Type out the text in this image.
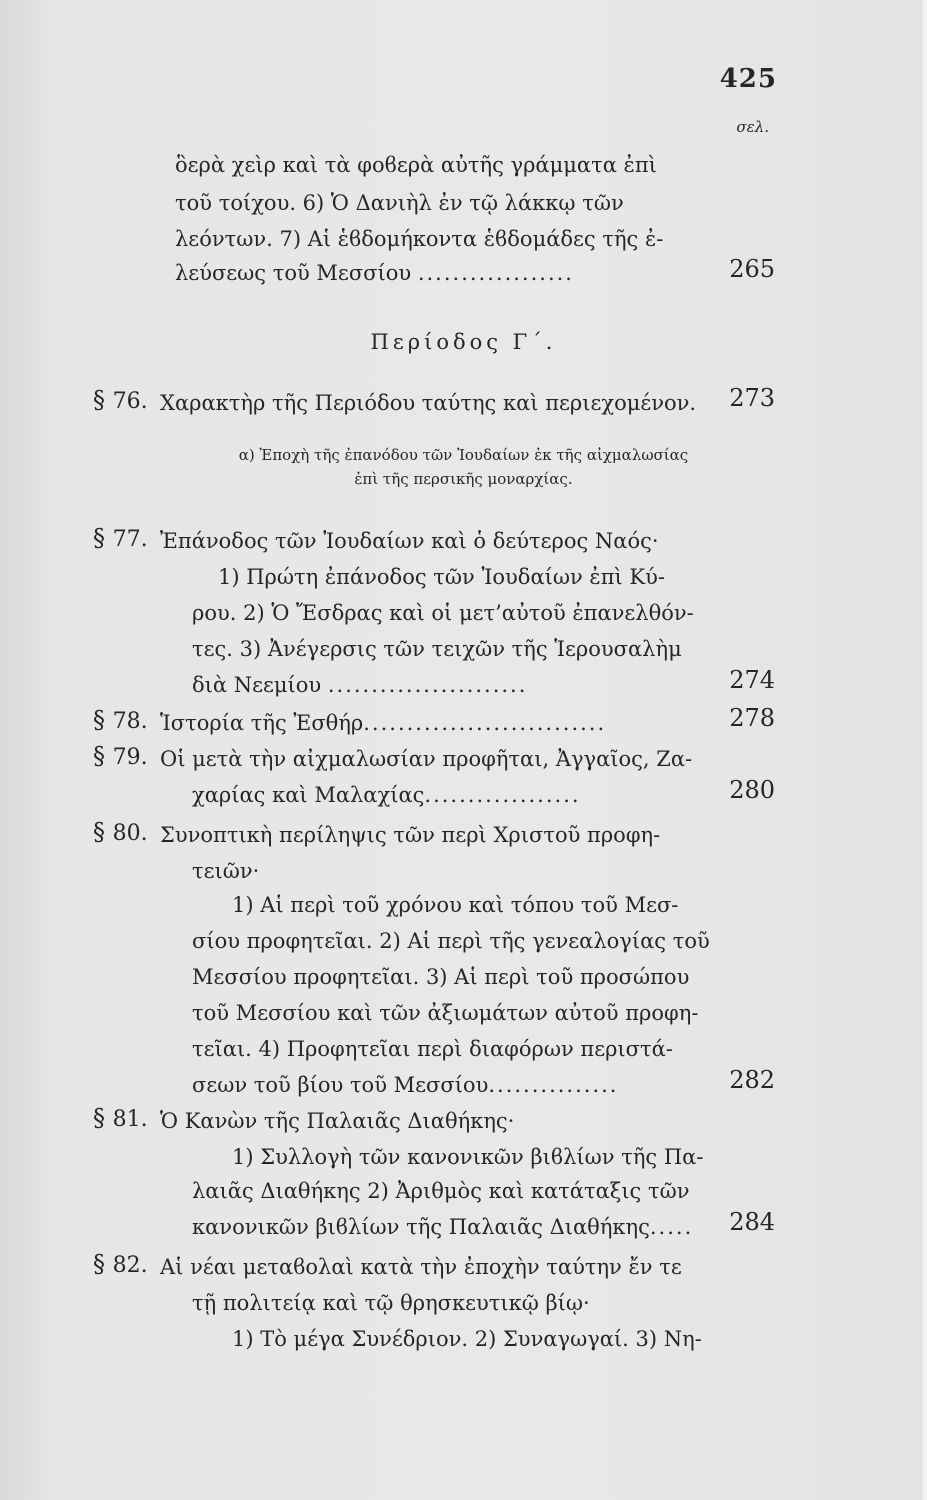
425
σελ.
ὃερὰ χεὶρ καὶ τὰ φοϐερὰ αὐτῆς γράμματα ἐπὶ
τοῦ τοίχου. 6) Ὁ Δανιὴλ ἐν τῷ λάκκῳ τῶν
λεόντων. 7) Αἱ ἑϐδομήκοντα ἑϐδομάδες τῆς ἐ-
λεύσεως τοῦ Μεσσίου ..................	265
Περίοδος Γ΄.
§ 76. Χαρακτὴρ τῆς Περιόδου ταύτης καὶ περιεχομένον. 273
α) Ἐποχὴ τῆς ἐπανόδου τῶν Ἰουδαίων ἐκ τῆς αἰχμαλωσίας
ἐπὶ τῆς περσικῆς μοναρχίας.
§ 77. Ἐπάνοδος τῶν Ἰουδαίων καὶ ὁ δεύτερος Ναός·
1) Πρώτη ἐπάνοδος τῶν Ἰουδαίων ἐπὶ Κύ-
ρου. 2) Ὁ Ἔσδρας καὶ οἱ μετ’αὐτοῦ ἐπανελθόν-
τες. 3) Ἀνέγερσις τῶν τειχῶν τῆς Ἱερουσαλὴμ
διὰ Νεεμίου .......................	274
§ 78. Ἱστορία τῆς Ἐσθήρ............................	278
§ 79. Οἱ μετὰ τὴν αἰχμαλωσίαν προφῆται, Ἀγγαῖος, Ζα-
χαρίας καὶ Μαλαχίας..................	280
§ 80. Συνοπτικὴ περίληψις τῶν περὶ Χριστοῦ προφη-
τειῶν·
1) Αἱ περὶ τοῦ χρόνου καὶ τόπου τοῦ Μεσ-
σίου προφητεῖαι. 2) Αἱ περὶ τῆς γενεαλογίας τοῦ
Μεσσίου προφητεῖαι. 3) Αἱ περὶ τοῦ προσώπου
τοῦ Μεσσίου καὶ τῶν ἀξιωμάτων αὐτοῦ προφη-
τεῖαι. 4) Προφητεῖαι περὶ διαφόρων περιστά-
σεων τοῦ βίου τοῦ Μεσσίου...............	282
§ 81. Ὁ Κανὼν τῆς Παλαιᾶς Διαθήκης·
1) Συλλογὴ τῶν κανονικῶν βιϐλίων τῆς Πα-
λαιᾶς Διαθήκης 2) Ἀριθμὸς καὶ κατάταξις τῶν
κανονικῶν βιϐλίων τῆς Παλαιᾶς Διαθήκης..... 284
§ 82. Αἱ νέαι μεταϐολαὶ κατὰ τὴν ἐποχὴν ταύτην ἔν τε
τῇ πολιτείᾳ καὶ τῷ θρησκευτικῷ βίῳ·
1) Τὸ μέγα Συνέδριον. 2) Συναγωγαί. 3) Νη-
